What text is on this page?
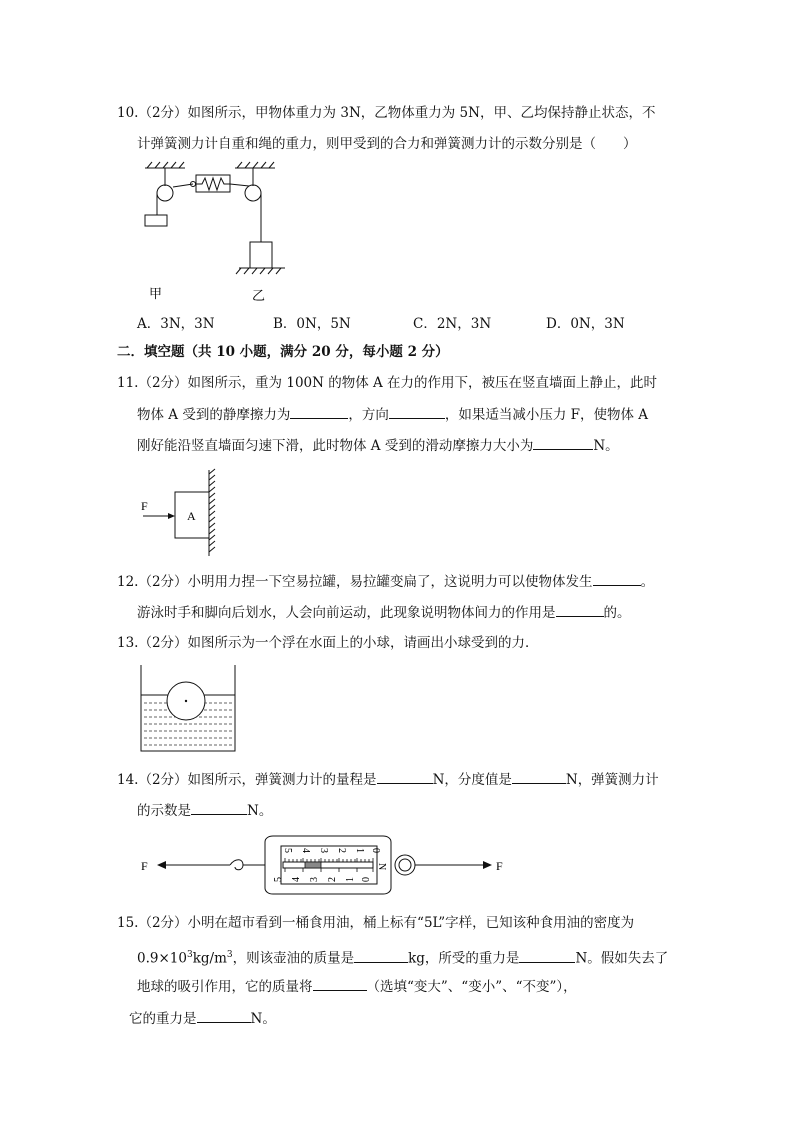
10.（2分）如图所示，甲物体重力为 3N，乙物体重力为 5N，甲、乙均保持静止状态，不
计弹簧测力计自重和绳的重力，则甲受到的合力和弹簧测力计的示数分别是（　　）
甲	乙
A．3N，3N	B．0N，5N	C．2N，3N	D．0N，3N
二．填空题（共 10 小题，满分 20 分，每小题 2 分）
11.（2分）如图所示，重为 100N 的物体 A 在力的作用下，被压在竖直墙面上静止，此时
物体 A 受到的静摩擦力为	，方向	，如果适当减小压力 F，使物体 A
刚好能沿竖直墙面匀速下滑，此时物体 A 受到的滑动摩擦力大小为	N。
F
A
12.（2分）小明用力捏一下空易拉罐，易拉罐变扁了，这说明力可以使物体发生	。
游泳时手和脚向后划水，人会向前运动，此现象说明物体间力的作用是	的。
13.（2分）如图所示为一个浮在水面上的小球，请画出小球受到的力．
14.（2分）如图所示，弹簧测力计的量程是	N，分度值是	N，弹簧测力计
的示数是	N。
5 4 3 2 1 0
5 4 3 2 1 0
N
F	F
15.（2分）小明在超市看到一桶食用油，桶上标有“5L”字样，已知该种食用油的密度为
$0.9\times 10^3kg/m^3$，则该壶油的质量是	kg，所受的重力是	N。假如失去了
地球的吸引作用，它的质量将	（选填“变大”、“变小”、“不变”），
它的重力是	N。
